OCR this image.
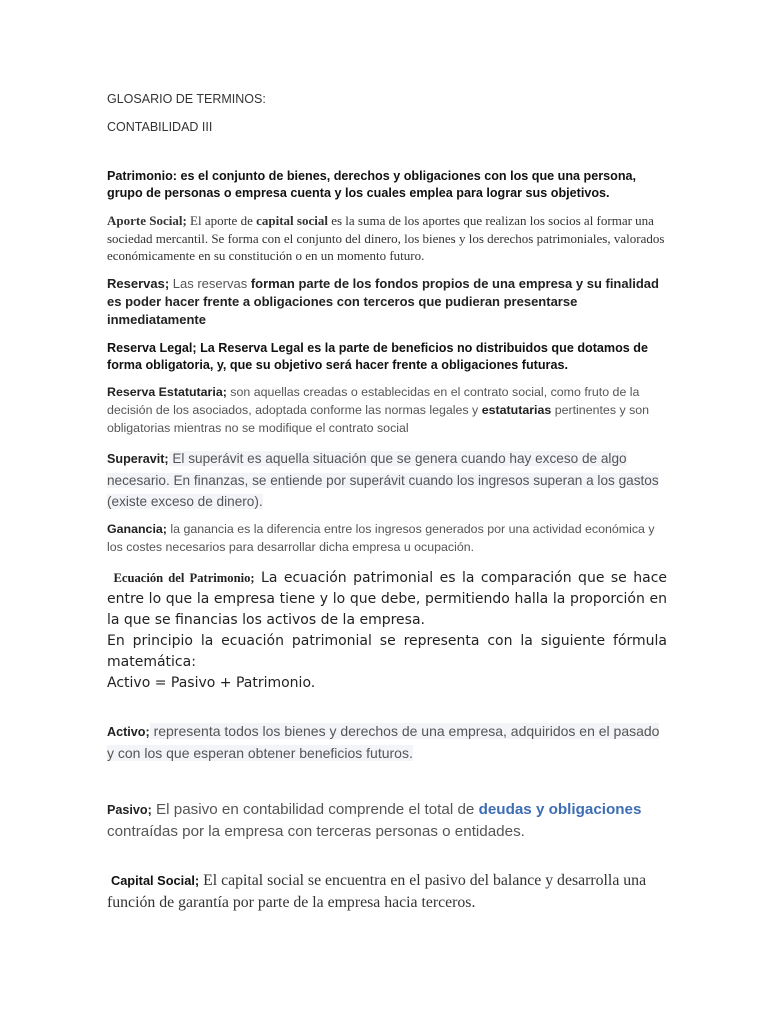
GLOSARIO DE TERMINOS:
CONTABILIDAD III

Patrimonio: es el conjunto de bienes, derechos y obligaciones con los que una persona, grupo de personas o empresa cuenta y los cuales emplea para lograr sus objetivos.

Aporte Social; El aporte de capital social es la suma de los aportes que realizan los socios al formar una sociedad mercantil. Se forma con el conjunto del dinero, los bienes y los derechos patrimoniales, valorados económicamente en su constitución o en un momento futuro.

Reservas; Las reservas forman parte de los fondos propios de una empresa y su finalidad es poder hacer frente a obligaciones con terceros que pudieran presentarse inmediatamente

Reserva Legal; La Reserva Legal es la parte de beneficios no distribuidos que dotamos de forma obligatoria, y, que su objetivo será hacer frente a obligaciones futuras.

Reserva Estatutaria; son aquellas creadas o establecidas en el contrato social, como fruto de la decisión de los asociados, adoptada conforme las normas legales y estatutarias pertinentes y son obligatorias mientras no se modifique el contrato social

Superavit; El superávit es aquella situación que se genera cuando hay exceso de algo necesario. En finanzas, se entiende por superávit cuando los ingresos superan a los gastos (existe exceso de dinero).

Ganancia; la ganancia es la diferencia entre los ingresos generados por una actividad económica y los costes necesarios para desarrollar dicha empresa u ocupación.

Ecuación del Patrimonio; La ecuación patrimonial es la comparación que se hace entre lo que la empresa tiene y lo que debe, permitiendo halla la proporción en la que se financias los activos de la empresa.

En principio la ecuación patrimonial se representa con la siguiente fórmula matemática:

Activo = Pasivo + Patrimonio.

Activo; representa todos los bienes y derechos de una empresa, adquiridos en el pasado y con los que esperan obtener beneficios futuros.

Pasivo; El pasivo en contabilidad comprende el total de deudas y obligaciones contraídas por la empresa con terceras personas o entidades.

Capital Social; El capital social se encuentra en el pasivo del balance y desarrolla una función de garantía por parte de la empresa hacia terceros.
